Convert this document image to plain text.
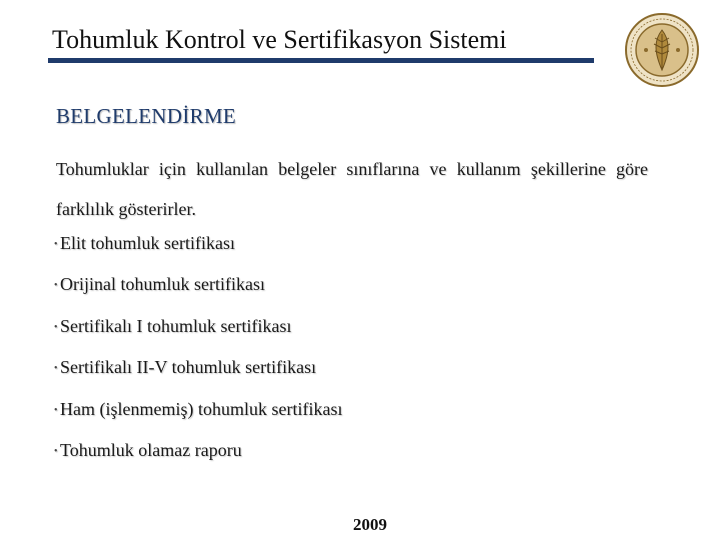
Tohumluk Kontrol ve Sertifikasyon Sistemi
BELGELENDİRME
Tohumluklar için kullanılan belgeler sınıflarına ve kullanım şekillerine göre farklılık gösterirler.
• Elit tohumluk sertifikası
• Orijinal tohumluk sertifikası
• Sertifikalı I tohumluk sertifikası
• Sertifikalı II-V tohumluk sertifikası
• Ham (işlenmemiş) tohumluk sertifikası
• Tohumluk olamaz raporu
2009
